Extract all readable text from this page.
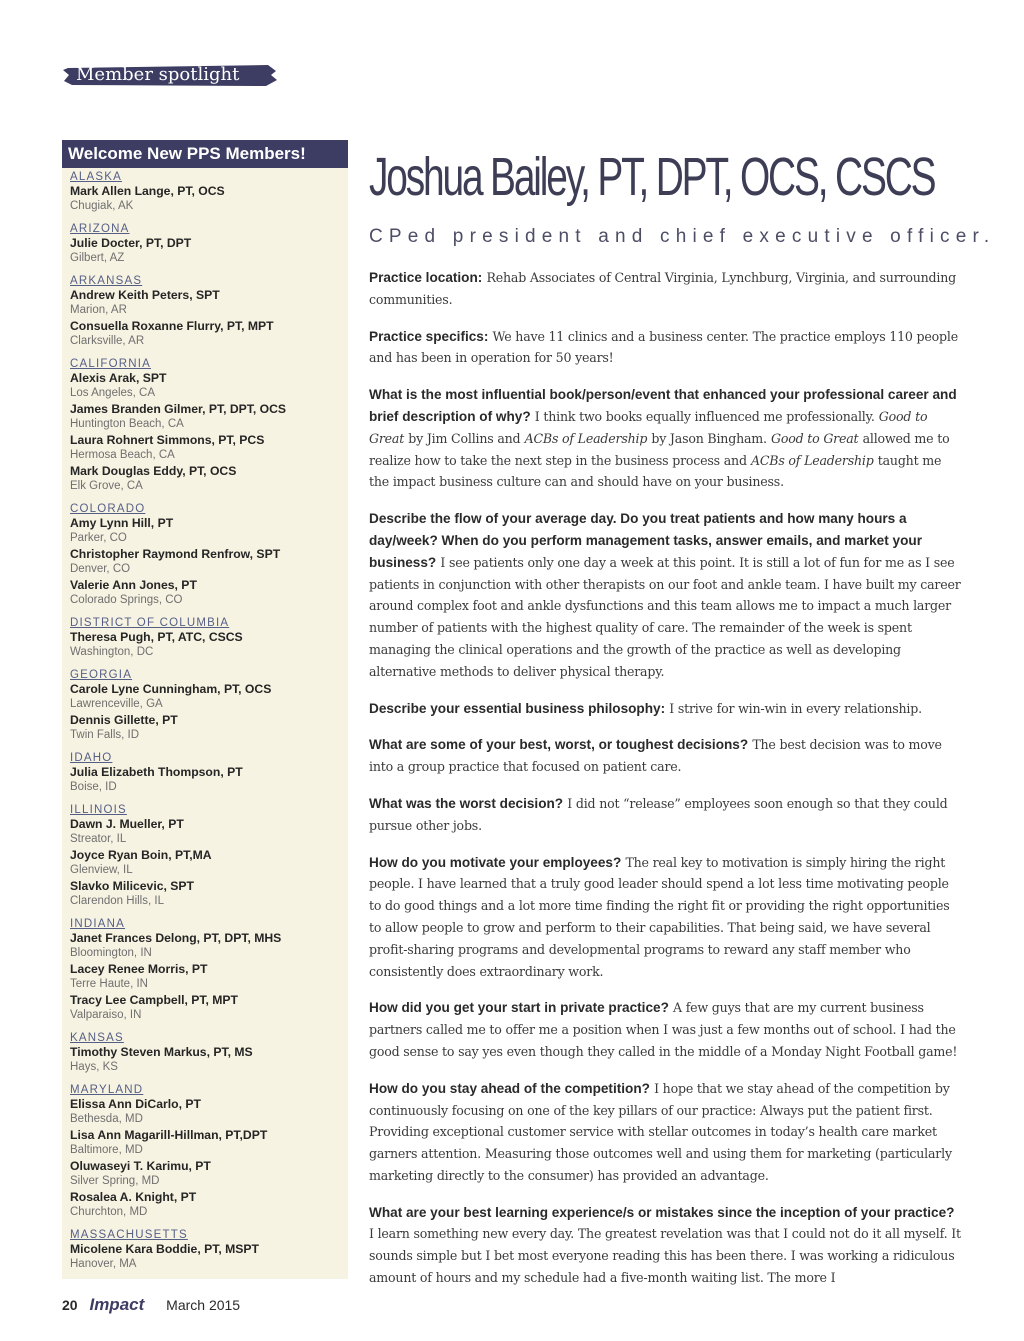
Member spotlight
Welcome New PPS Members!
ALASKA
Mark Allen Lange, PT, OCS
Chugiak, AK
ARIZONA
Julie Docter, PT, DPT
Gilbert, AZ
ARKANSAS
Andrew Keith Peters, SPT
Marion, AR
Consuella Roxanne Flurry, PT, MPT
Clarksville, AR
CALIFORNIA
Alexis Arak, SPT
Los Angeles, CA
James Branden Gilmer, PT, DPT, OCS
Huntington Beach, CA
Laura Rohnert Simmons, PT, PCS
Hermosa Beach, CA
Mark Douglas Eddy, PT, OCS
Elk Grove, CA
COLORADO
Amy Lynn Hill, PT
Parker, CO
Christopher Raymond Renfrow, SPT
Denver, CO
Valerie Ann Jones, PT
Colorado Springs, CO
DISTRICT OF COLUMBIA
Theresa Pugh, PT, ATC, CSCS
Washington, DC
GEORGIA
Carole Lyne Cunningham, PT, OCS
Lawrenceville, GA
Dennis Gillette, PT
Twin Falls, ID
IDAHO
Julia Elizabeth Thompson, PT
Boise, ID
ILLINOIS
Dawn J. Mueller, PT
Streator, IL
Joyce Ryan Boin, PT,MA
Glenview, IL
Slavko Milicevic, SPT
Clarendon Hills, IL
INDIANA
Janet Frances Delong, PT, DPT, MHS
Bloomington, IN
Lacey Renee Morris, PT
Terre Haute, IN
Tracy Lee Campbell, PT, MPT
Valparaiso, IN
KANSAS
Timothy Steven Markus, PT, MS
Hays, KS
MARYLAND
Elissa Ann DiCarlo, PT
Bethesda, MD
Lisa Ann Magarill-Hillman, PT,DPT
Baltimore, MD
Oluwaseyi T. Karimu, PT
Silver Spring, MD
Rosalea A. Knight, PT
Churchton, MD
MASSACHUSETTS
Micolene Kara Boddie, PT, MSPT
Hanover, MA
Joshua Bailey, PT, DPT, OCS, CSCS
CPed president and chief executive officer.

Practice location: Rehab Associates of Central Virginia, Lynchburg, Virginia, and surrounding communities.

Practice specifics: We have 11 clinics and a business center. The practice employs 110 people and has been in operation for 50 years!

What is the most influential book/person/event that enhanced your professional career and brief description of why? I think two books equally influenced me professionally. Good to Great by Jim Collins and ACBs of Leadership by Jason Bingham. Good to Great allowed me to realize how to take the next step in the business process and ACBs of Leadership taught me the impact business culture can and should have on your business.

Describe the flow of your average day. Do you treat patients and how many hours a day/week? When do you perform management tasks, answer emails, and market your business? I see patients only one day a week at this point. It is still a lot of fun for me as I see patients in conjunction with other therapists on our foot and ankle team. I have built my career around complex foot and ankle dysfunctions and this team allows me to impact a much larger number of patients with the highest quality of care. The remainder of the week is spent managing the clinical operations and the growth of the practice as well as developing alternative methods to deliver physical therapy.

Describe your essential business philosophy: I strive for win-win in every relationship.

What are some of your best, worst, or toughest decisions? The best decision was to move into a group practice that focused on patient care.

What was the worst decision? I did not “release” employees soon enough so that they could pursue other jobs.

How do you motivate your employees? The real key to motivation is simply hiring the right people. I have learned that a truly good leader should spend a lot less time motivating people to do good things and a lot more time finding the right fit or providing the right opportunities to allow people to grow and perform to their capabilities. That being said, we have several profit-sharing programs and developmental programs to reward any staff member who consistently does extraordinary work.

How did you get your start in private practice? A few guys that are my current business partners called me to offer me a position when I was just a few months out of school. I had the good sense to say yes even though they called in the middle of a Monday Night Football game!

How do you stay ahead of the competition? I hope that we stay ahead of the competition by continuously focusing on one of the key pillars of our practice: Always put the patient first. Providing exceptional customer service with stellar outcomes in today’s health care market garners attention. Measuring those outcomes well and using them for marketing (particularly marketing directly to the consumer) has provided an advantage.

What are your best learning experience/s or mistakes since the inception of your practice? I learn something new every day. The greatest revelation was that I could not do it all myself. It sounds simple but I bet most everyone reading this has been there. I was working a ridiculous amount of hours and my schedule had a five-month waiting list. The more I

20 Impact March 2015
